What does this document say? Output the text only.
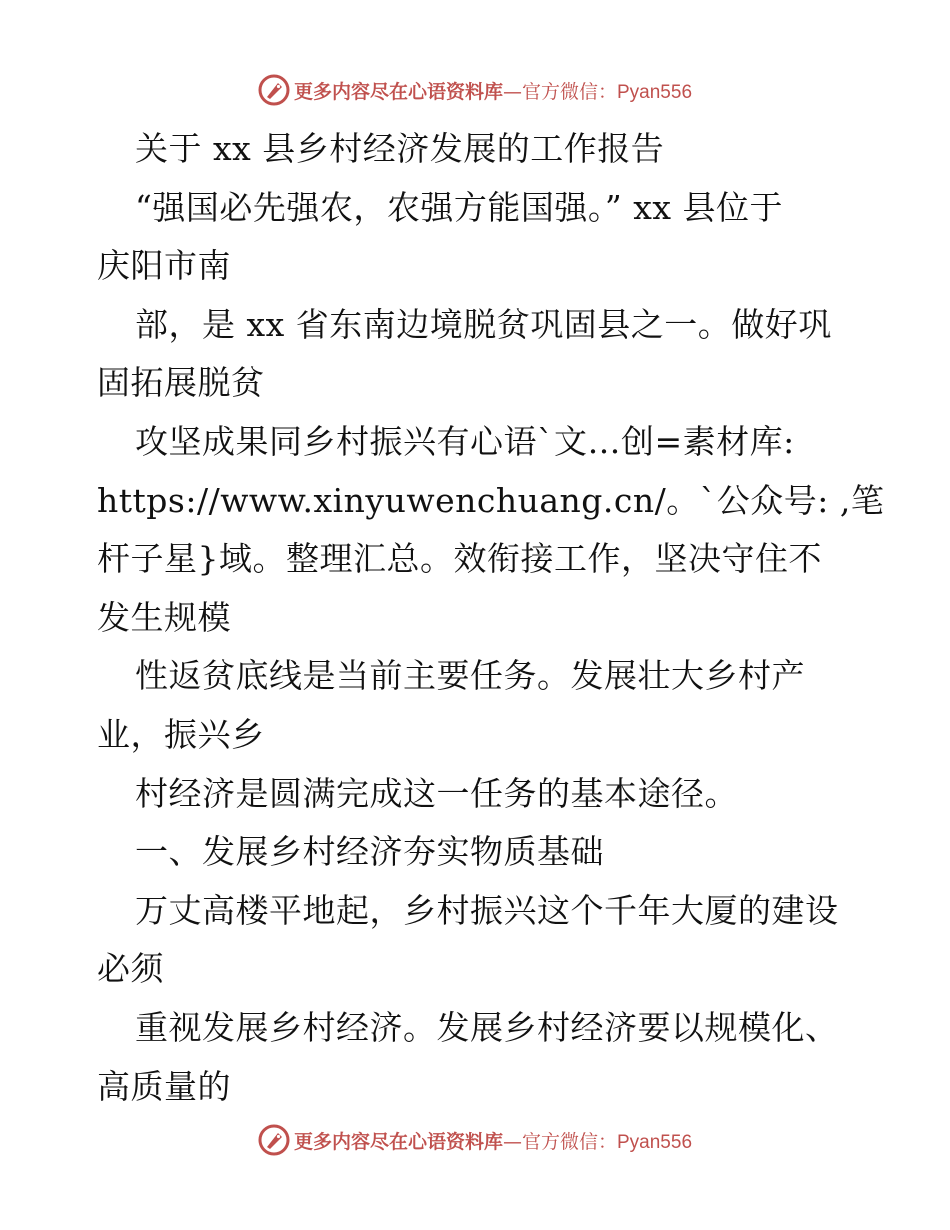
更多内容尽在心语资料库—官方微信：Pyan556
关于 xx 县乡村经济发展的工作报告
“强国必先强农，农强方能国强。” xx 县位于
庆阳市南
部，是 xx 省东南边境脱贫巩固县之一。做好巩
固拓展脱贫
攻坚成果同乡村振兴有心语`文…创=素材库:
https://www.xinyuwenchuang.cn/。`公众号: ,笔
杆子星}域。整理汇总。效衔接工作，坚决守住不
发生规模
性返贫底线是当前主要任务。发展壮大乡村产
业，振兴乡
村经济是圆满完成这一任务的基本途径。
一、发展乡村经济夯实物质基础
万丈高楼平地起，乡村振兴这个千年大厦的建设
必须
重视发展乡村经济。发展乡村经济要以规模化、
高质量的
更多内容尽在心语资料库—官方微信：Pyan556
